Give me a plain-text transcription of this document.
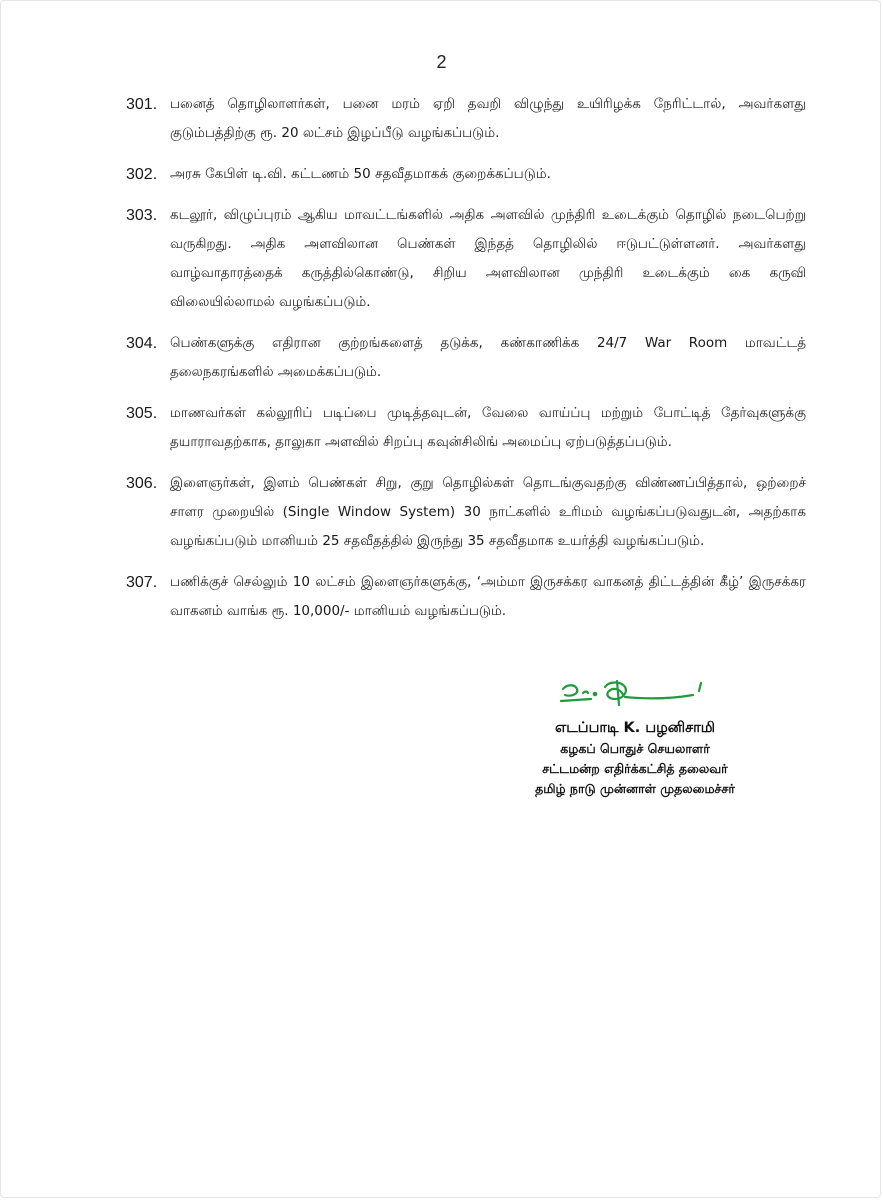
2
301. பனைத் தொழிலாளர்கள், பனை மரம் ஏறி தவறி விழுந்து உயிரிழக்க நேரிட்டால், அவர்களது குடும்பத்திற்கு ரூ. 20 லட்சம் இழப்பீடு வழங்கப்படும்.
302. அரசு கேபிள் டி.வி. கட்டணம் 50 சதவீதமாகக் குறைக்கப்படும்.
303. கடலூர், விழுப்புரம் ஆகிய மாவட்டங்களில் அதிக அளவில் முந்திரி உடைக்கும் தொழில் நடைபெற்று வருகிறது. அதிக அளவிலான பெண்கள் இந்தத் தொழிலில் ஈடுபட்டுள்ளனர். அவர்களது வாழ்வாதாரத்தைக் கருத்தில்கொண்டு, சிறிய அளவிலான முந்திரி உடைக்கும் கை கருவி விலையில்லாமல் வழங்கப்படும்.
304. பெண்களுக்கு எதிரான குற்றங்களைத் தடுக்க, கண்காணிக்க 24/7 War Room மாவட்டத் தலைநகரங்களில் அமைக்கப்படும்.
305. மாணவர்கள் கல்லூரிப் படிப்பை முடித்தவுடன், வேலை வாய்ப்பு மற்றும் போட்டித் தேர்வுகளுக்கு தயாராவதற்காக, தாலுகா அளவில் சிறப்பு கவுன்சிலிங் அமைப்பு ஏற்படுத்தப்படும்.
306. இளைஞர்கள், இளம் பெண்கள் சிறு, குறு தொழில்கள் தொடங்குவதற்கு விண்ணப்பித்தால், ஒற்றைச் சாளர முறையில் (Single Window System) 30 நாட்களில் உரிமம் வழங்கப்படுவதுடன், அதற்காக வழங்கப்படும் மானியம் 25 சதவீதத்தில் இருந்து 35 சதவீதமாக உயர்த்தி வழங்கப்படும்.
307. பணிக்குச் செல்லும் 10 லட்சம் இளைஞர்களுக்கு, ‘அம்மா இருசக்கர வாகனத் திட்டத்தின் கீழ்’ இருசக்கர வாகனம் வாங்க ரூ. 10,000/- மானியம் வழங்கப்படும்.
எடப்பாடி K. பழனிசாமி
கழகப் பொதுச் செயலாளர்
சட்டமன்ற எதிர்க்கட்சித் தலைவர்
தமிழ் நாடு முன்னாள் முதலமைச்சர்
